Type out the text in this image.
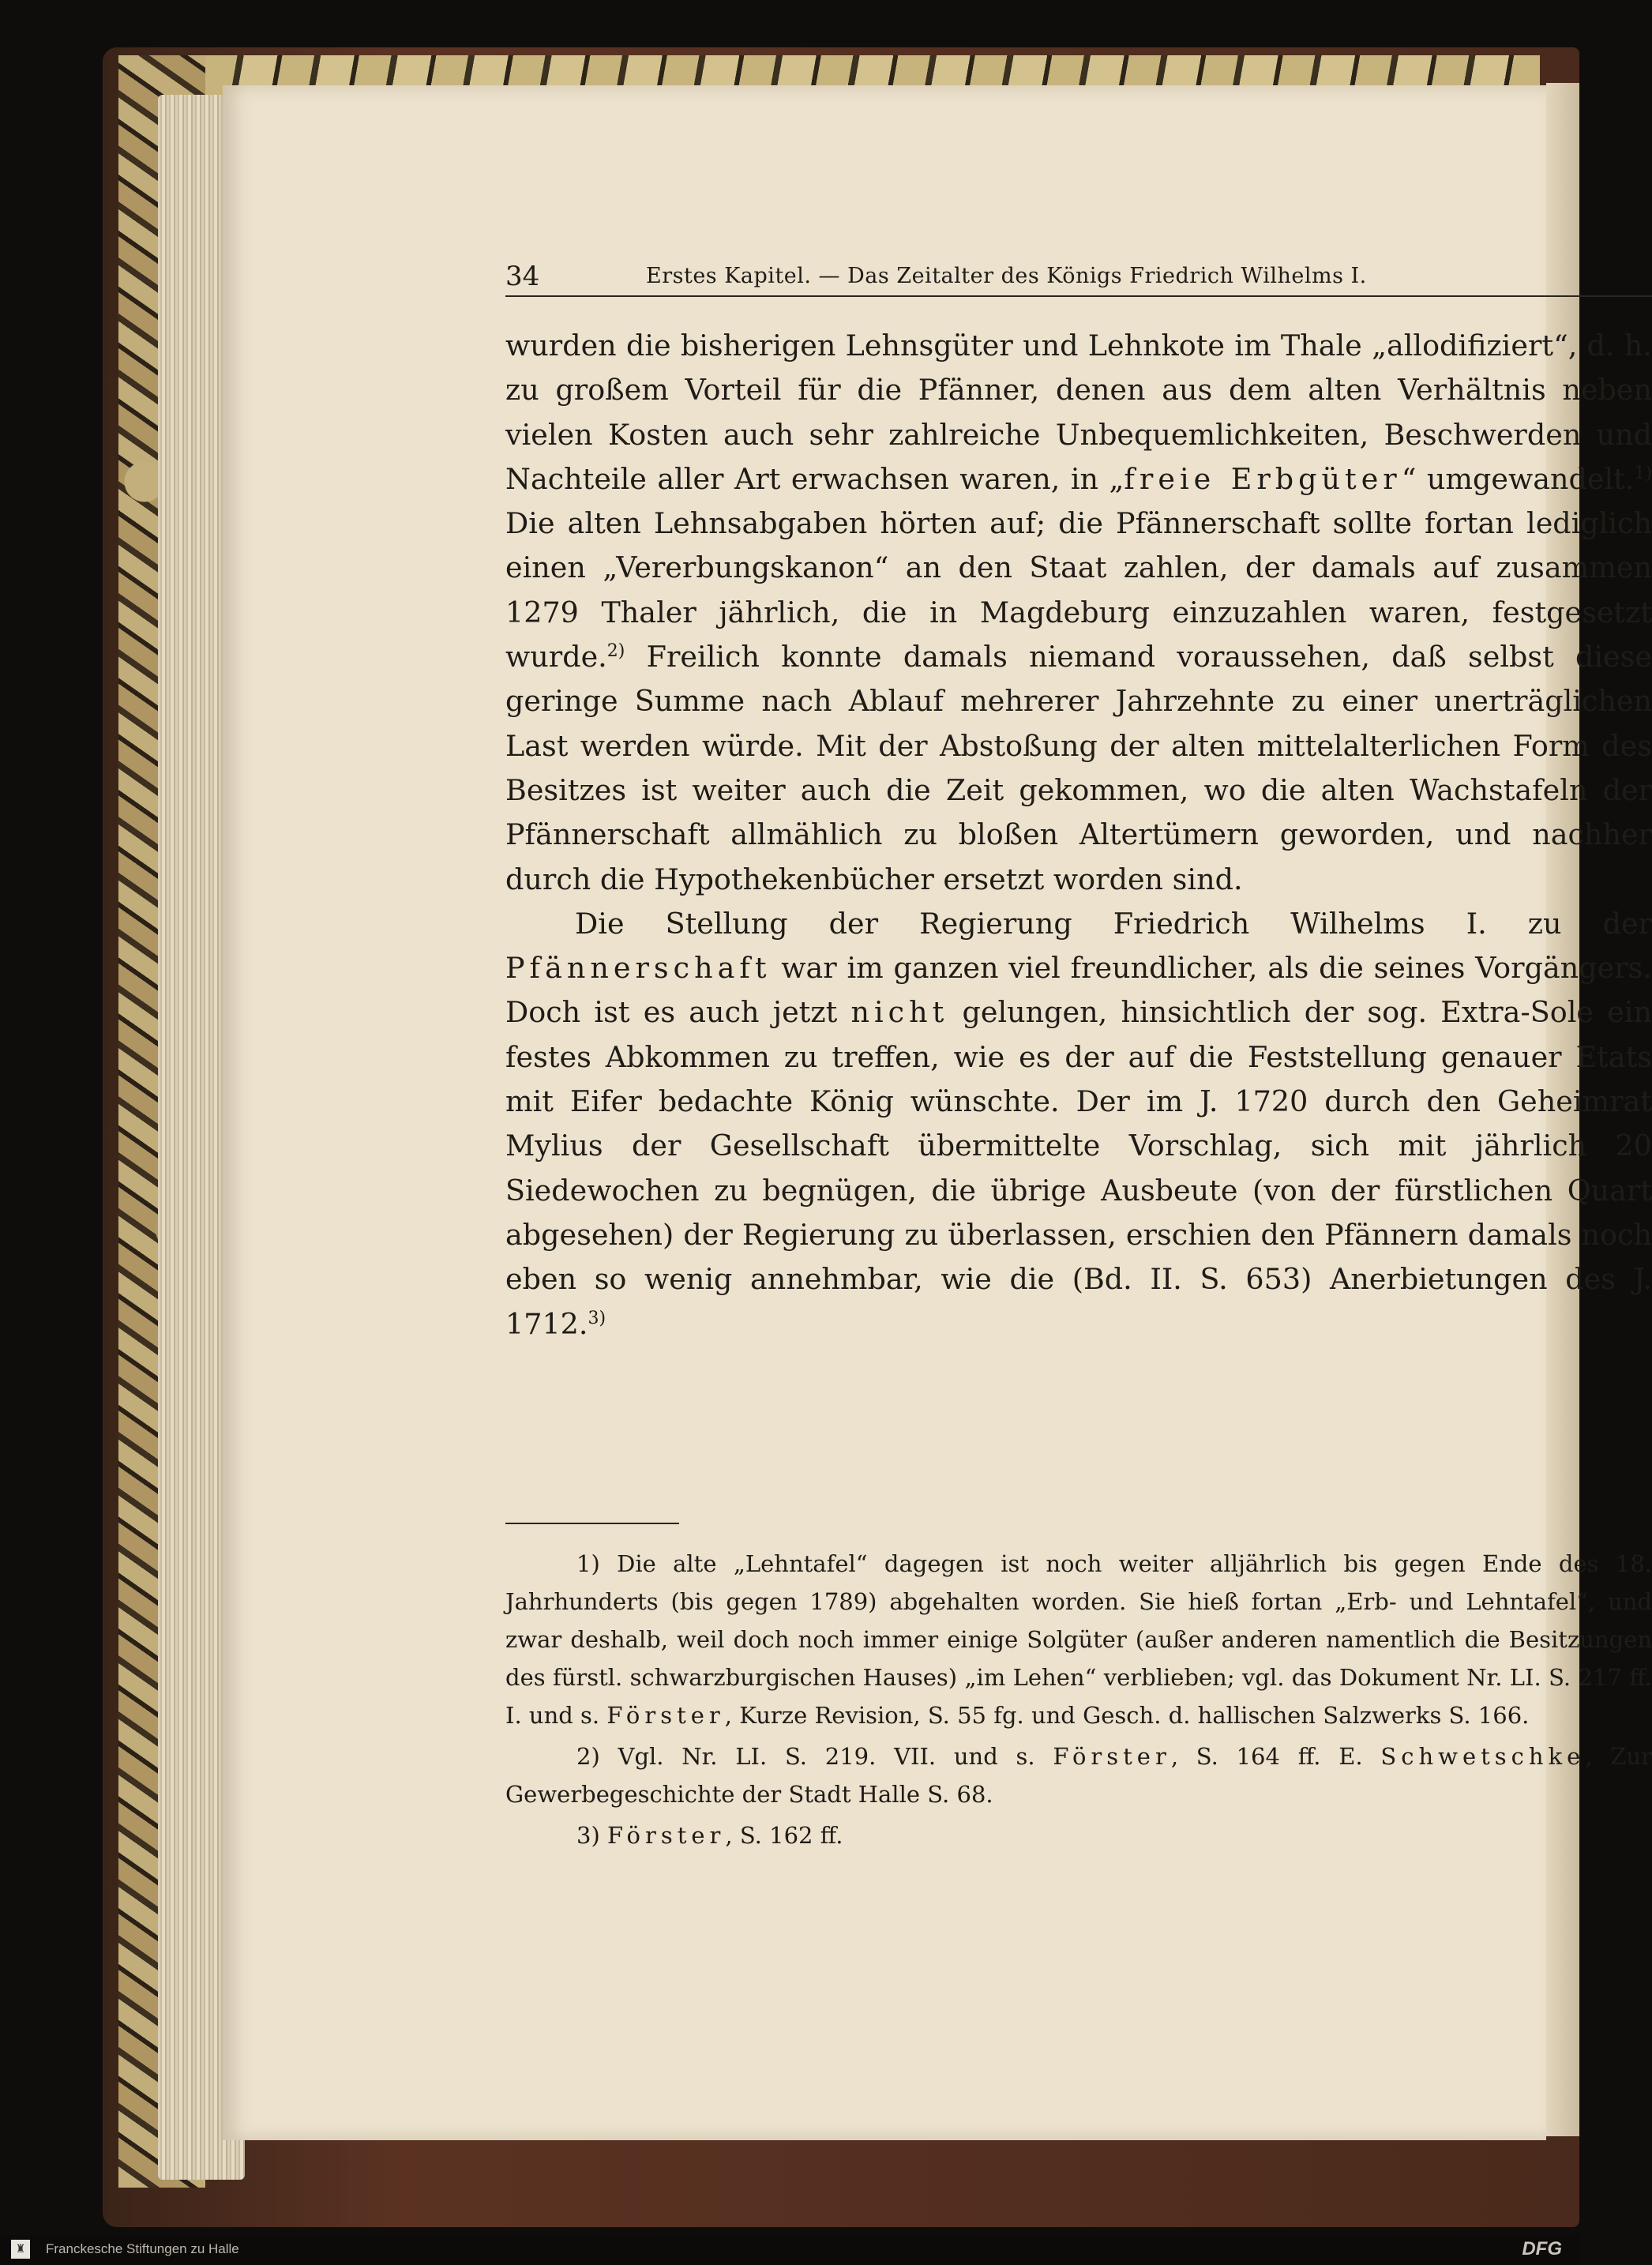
34	Erstes Kapitel. — Das Zeitalter des Königs Friedrich Wilhelms I.

wurden die bisherigen Lehnsgüter und Lehnkote im Thale „allodifiziert“, d. h. zu großem Vorteil für die Pfänner, denen aus dem alten Verhältnis neben vielen Kosten auch sehr zahlreiche Unbequemlichkeiten, Beschwerden und Nachteile aller Art erwachsen waren, in „freie Erbgüter“ umgewandelt.$^{1)}$ Die alten Lehnsabgaben hörten auf; die Pfännerschaft sollte fortan lediglich einen „Vererbungskanon“ an den Staat zahlen, der damals auf zusammen 1279 Thaler jährlich, die in Magdeburg einzuzahlen waren, festgesetzt wurde.$^{2)}$ Freilich konnte damals niemand voraussehen, daß selbst diese geringe Summe nach Ablauf mehrerer Jahrzehnte zu einer unerträglichen Last werden würde. Mit der Abstoßung der alten mittelalterlichen Form des Besitzes ist weiter auch die Zeit gekommen, wo die alten Wachstafeln der Pfännerschaft allmählich zu bloßen Altertümern geworden, und nachher durch die Hypothekenbücher ersetzt worden sind.

Die Stellung der Regierung Friedrich Wilhelms I. zu der Pfännerschaft war im ganzen viel freundlicher, als die seines Vorgängers. Doch ist es auch jetzt nicht gelungen, hinsichtlich der sog. Extra-Sole ein festes Abkommen zu treffen, wie es der auf die Feststellung genauer Etats mit Eifer bedachte König wünschte. Der im J. 1720 durch den Geheimrat Mylius der Gesellschaft übermittelte Vorschlag, sich mit jährlich 20 Siedewochen zu begnügen, die übrige Ausbeute (von der fürstlichen Quart abgesehen) der Regierung zu überlassen, erschien den Pfännern damals noch eben so wenig annehmbar, wie die (Bd. II. S. 653) Anerbietungen des J. 1712.$^{3)}$

1) Die alte „Lehntafel“ dagegen ist noch weiter alljährlich bis gegen Ende des 18. Jahrhunderts (bis gegen 1789) abgehalten worden. Sie hieß fortan „Erb- und Lehntafel“, und zwar deshalb, weil doch noch immer einige Solgüter (außer anderen namentlich die Besitzungen des fürstl. schwarzburgischen Hauses) „im Lehen“ verblieben; vgl. das Dokument Nr. LI. S. 217 ff. I. und s. Förster, Kurze Revision, S. 55 fg. und Gesch. d. hallischen Salzwerks S. 166.

2) Vgl. Nr. LI. S. 219. VII. und s. Förster, S. 164 ff. E. Schwetschke, Zur Gewerbegeschichte der Stadt Halle S. 68.

3) Förster, S. 162 ff.

♜	Franckesche Stiftungen zu Halle	DFG
